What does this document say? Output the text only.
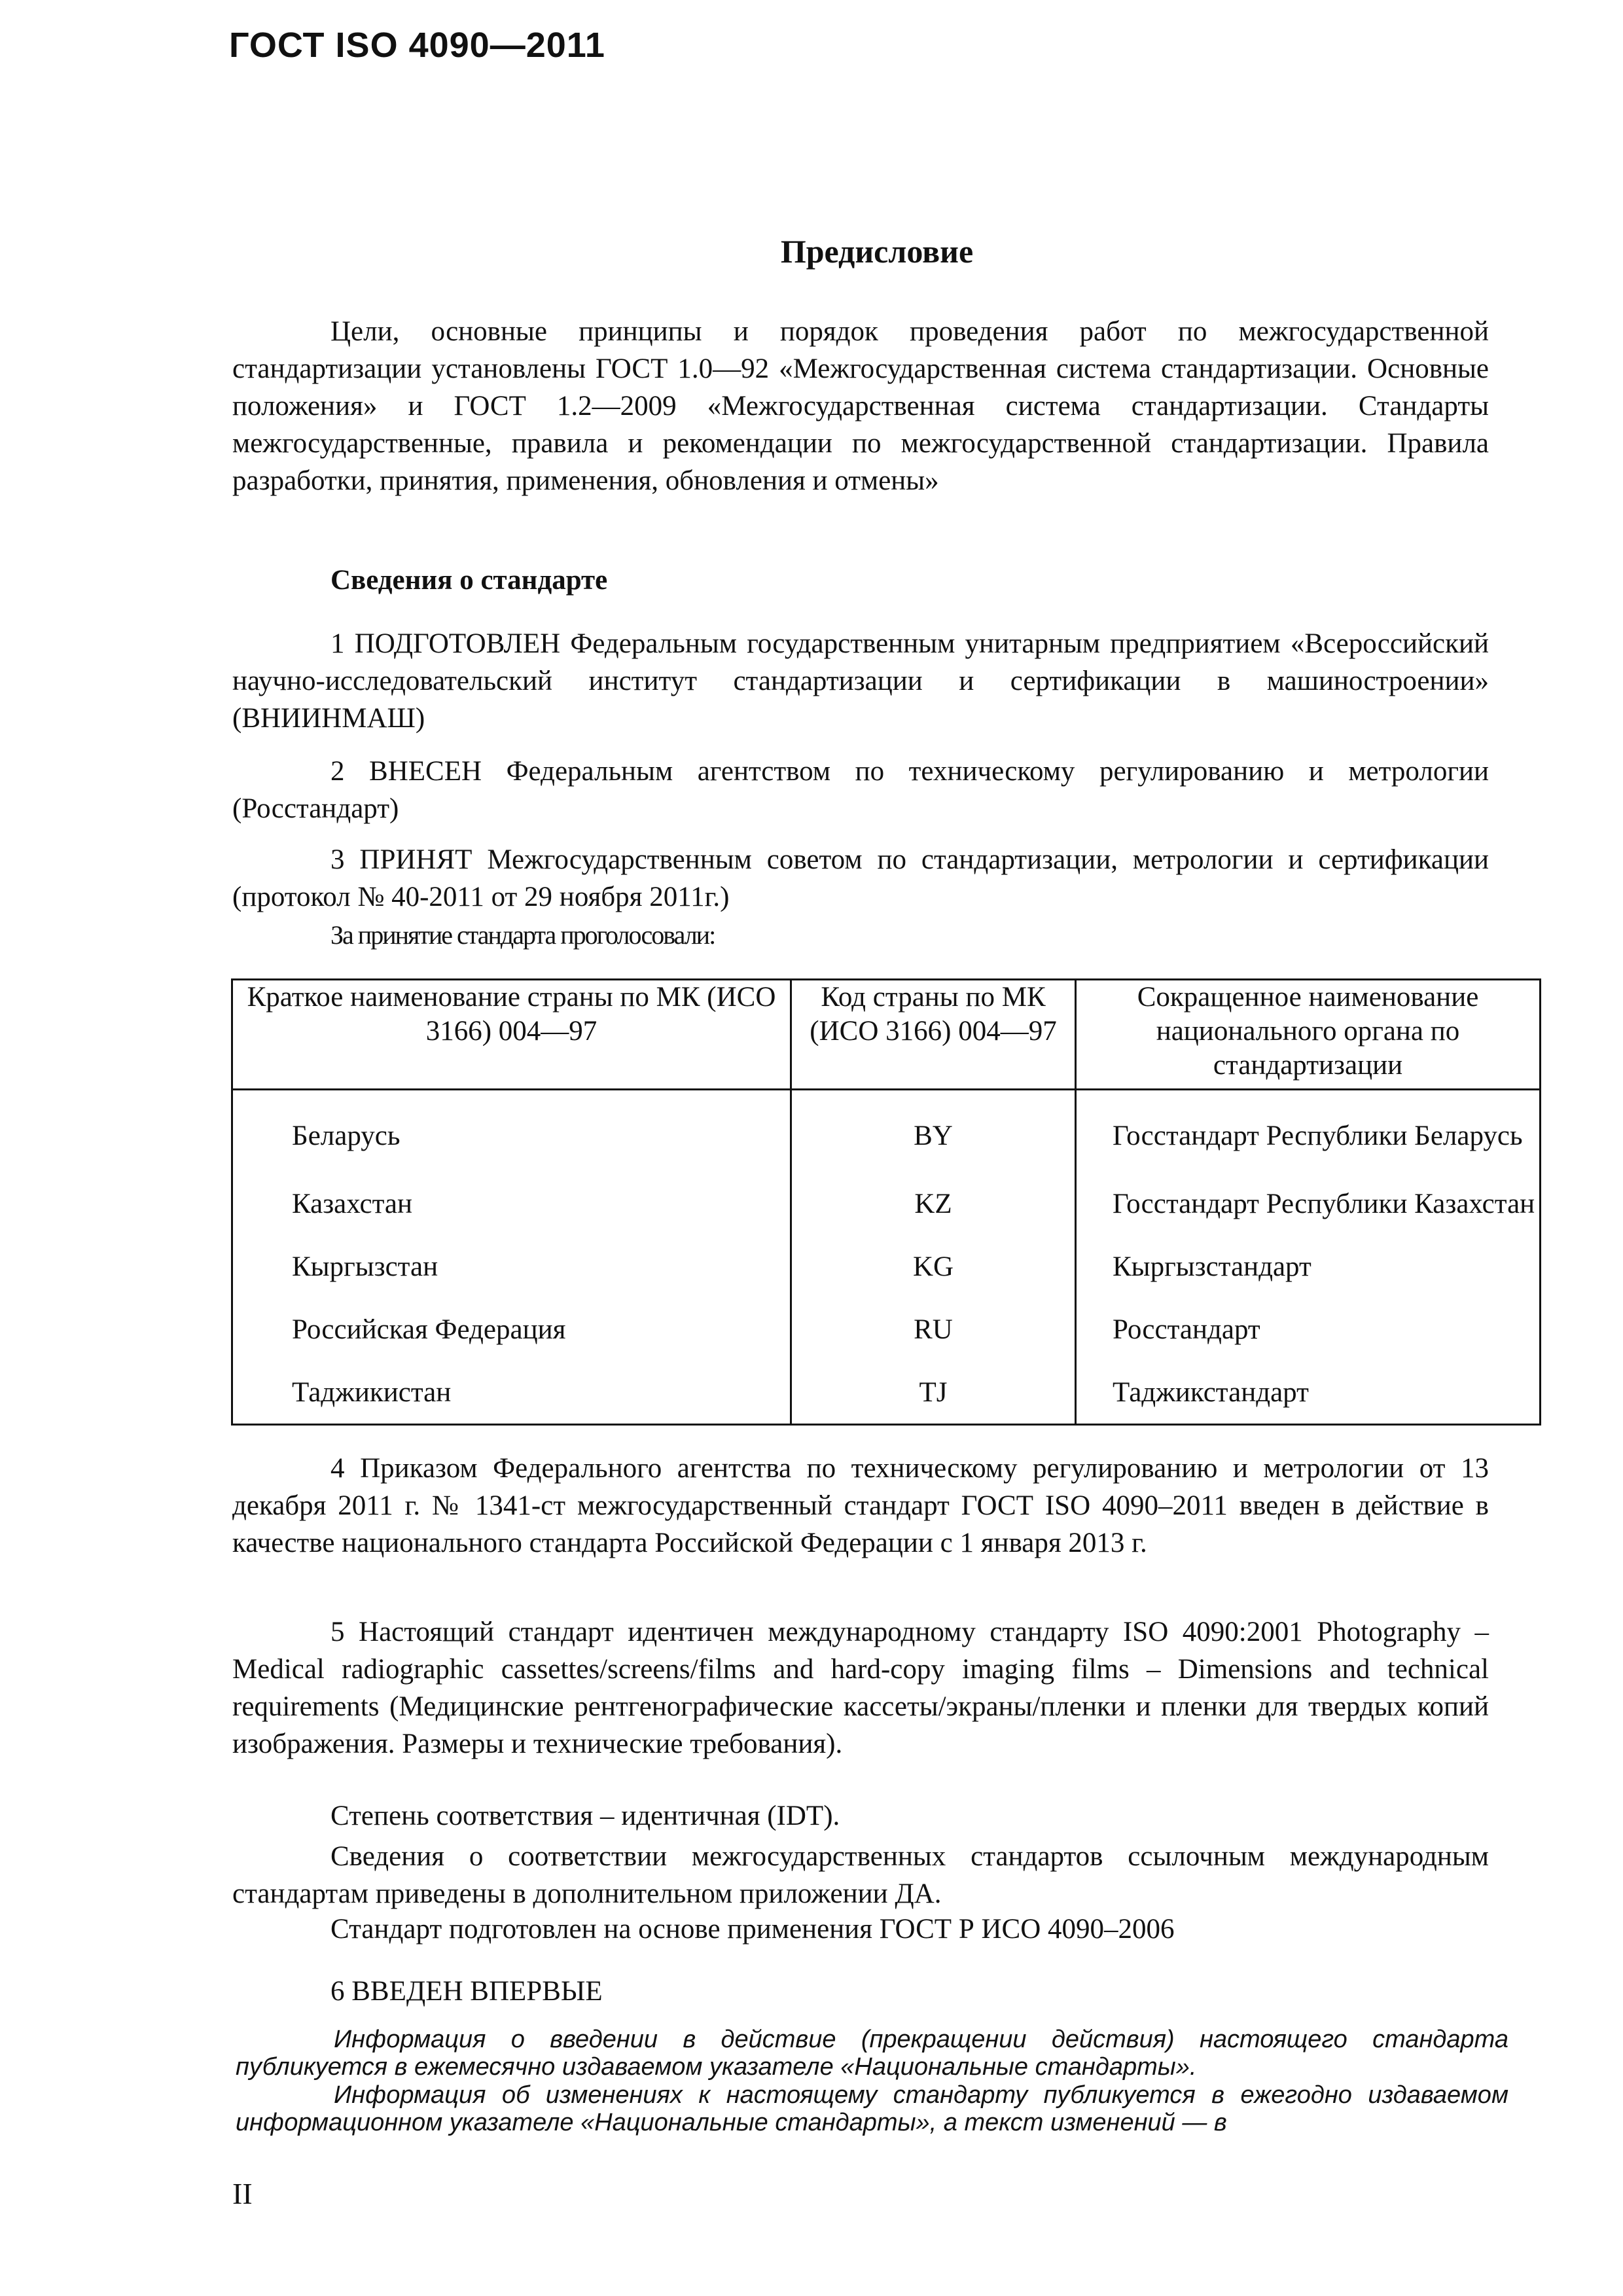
ГОСТ ISO 4090—2011
Предисловие
Цели, основные принципы и порядок проведения работ по межгосударственной стандартизации установлены ГОСТ 1.0—92 «Межгосударственная система стандартизации. Основные положения» и ГОСТ 1.2—2009 «Межгосударственная система стандартизации. Стандарты межгосударственные, правила и рекомендации по межгосударственной стандартизации. Правила разработки, принятия, применения, обновления и отмены»
Сведения о стандарте
1 ПОДГОТОВЛЕН Федеральным государственным унитарным предприятием «Всероссийский научно-исследовательский институт стандартизации и сертификации в машиностроении» (ВНИИНМАШ)
2 ВНЕСЕН Федеральным агентством по техническому регулированию и метрологии (Росстандарт)
3 ПРИНЯТ Межгосударственным советом по стандартизации, метрологии и сертификации (протокол № 40-2011 от 29 ноября 2011г.)
За принятие стандарта проголосовали:
Краткое наименование страны по МК (ИСО 3166) 004—97	Код страны по МК (ИСО 3166) 004—97	Сокращенное наименование национального органа по стандартизации
Беларусь	BY	Госстандарт Республики Беларусь
Казахстан	KZ	Госстандарт Республики Казахстан
Кыргызстан	KG	Кыргызстандарт
Российская Федерация	RU	Росстандарт
Таджикистан	TJ	Таджикстандарт
4 Приказом Федерального агентства по техническому регулированию и метрологии от 13 декабря 2011 г. № 1341-ст межгосударственный стандарт ГОСТ ISO 4090–2011 введен в действие в качестве национального стандарта Российской Федерации с 1 января 2013 г.
5 Настоящий стандарт идентичен международному стандарту ISO 4090:2001 Photography – Medical radiographic cassettes/screens/films and hard-copy imaging films – Dimensions and technical requirements (Медицинские рентгенографические кассеты/экраны/пленки и пленки для твердых копий изображения. Размеры и технические требования).
Степень соответствия – идентичная (IDT).
Сведения о соответствии межгосударственных стандартов ссылочным международным стандартам приведены в дополнительном приложении ДА.
Стандарт подготовлен на основе применения ГОСТ Р ИСО 4090–2006
6 ВВЕДЕН ВПЕРВЫЕ
Информация о введении в действие (прекращении действия) настоящего стандарта публикуется в ежемесячно издаваемом указателе «Национальные стандарты».
Информация об изменениях к настоящему стандарту публикуется в ежегодно издаваемом информационном указателе «Национальные стандарты», а текст изменений — в
II
